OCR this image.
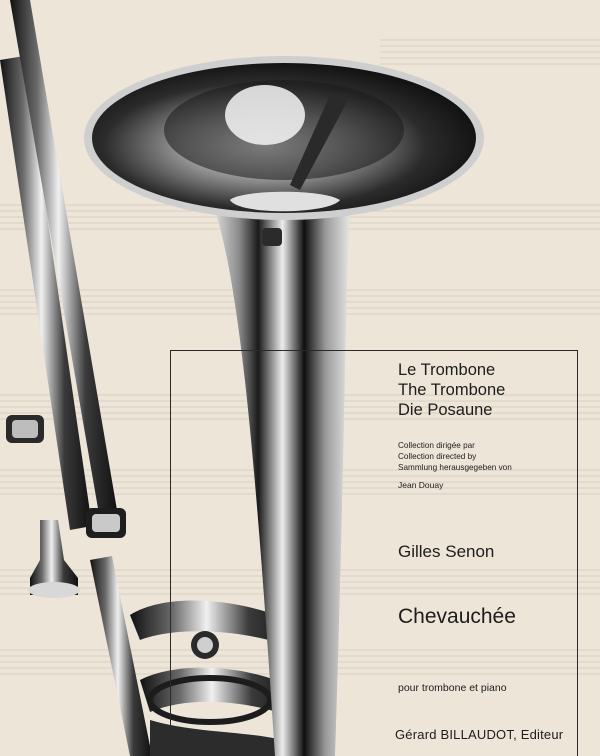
Le Trombone
The Trombone
Die Posaune
Collection dirigée par
Collection directed by
Sammlung herausgegeben von
Jean Douay
Gilles Senon
Chevauchée
pour trombone et piano
Gérard BILLAUDOT, Editeur
